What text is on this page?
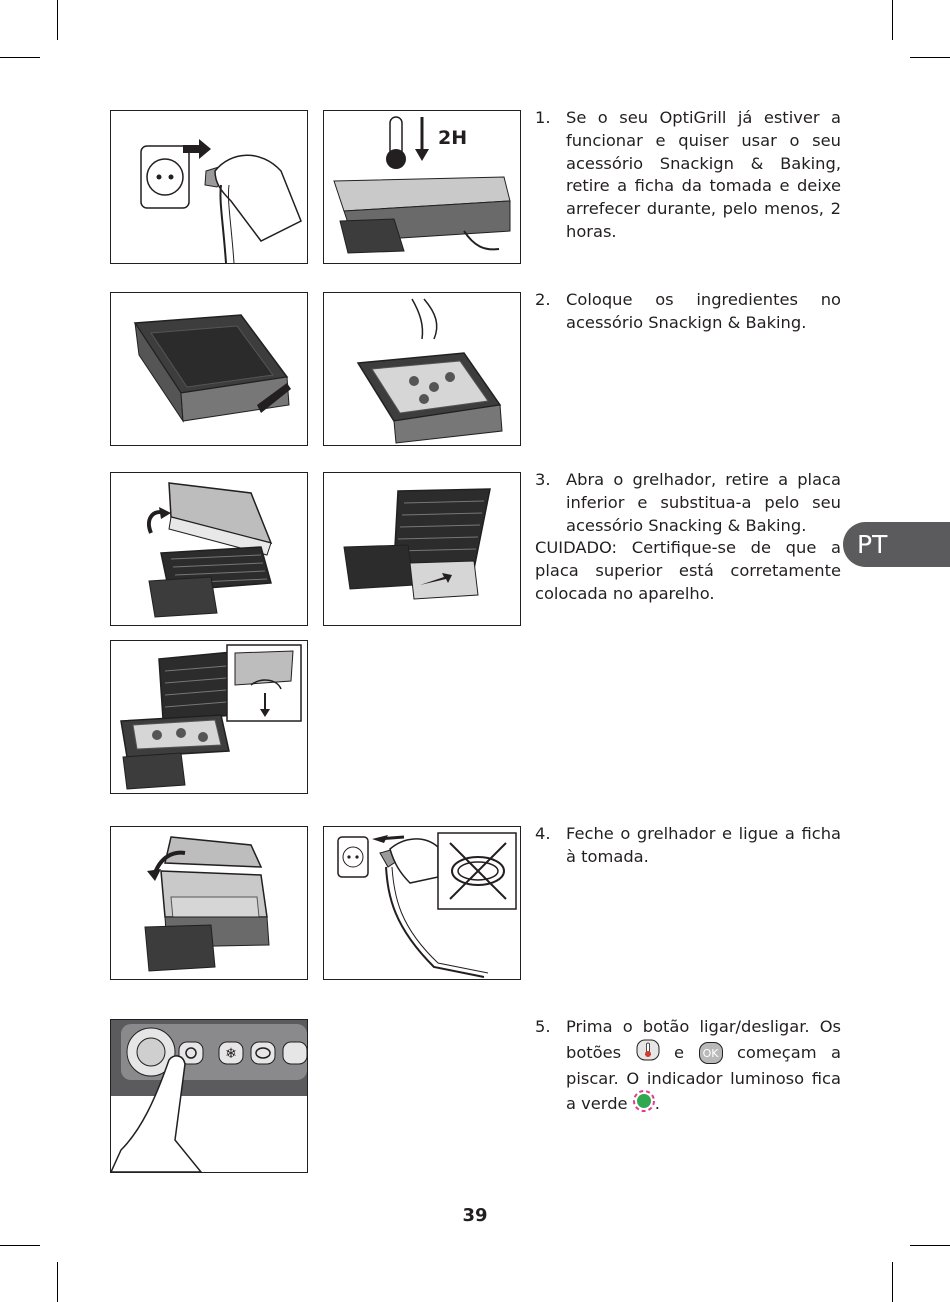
2H
1. Se o seu OptiGrill já estiver a funcionar e quiser usar o seu acessório Snackign & Baking, retire a ficha da tomada e deixe arrefecer durante, pelo menos, 2 horas.
2. Coloque os ingredientes no acessório Snackign & Baking.
3. Abra o grelhador, retire a placa inferior e substitua-a pelo seu acessório Snacking & Baking.
CUIDADO: Certifique-se de que a placa superior está corretamente colocada no aparelho.
PT
4. Feche o grelhador e ligue a ficha à tomada.
❄
5. Prima o botão ligar/desligar. Os botões	e OK começam a piscar. O indicador luminoso fica a verde .
39
